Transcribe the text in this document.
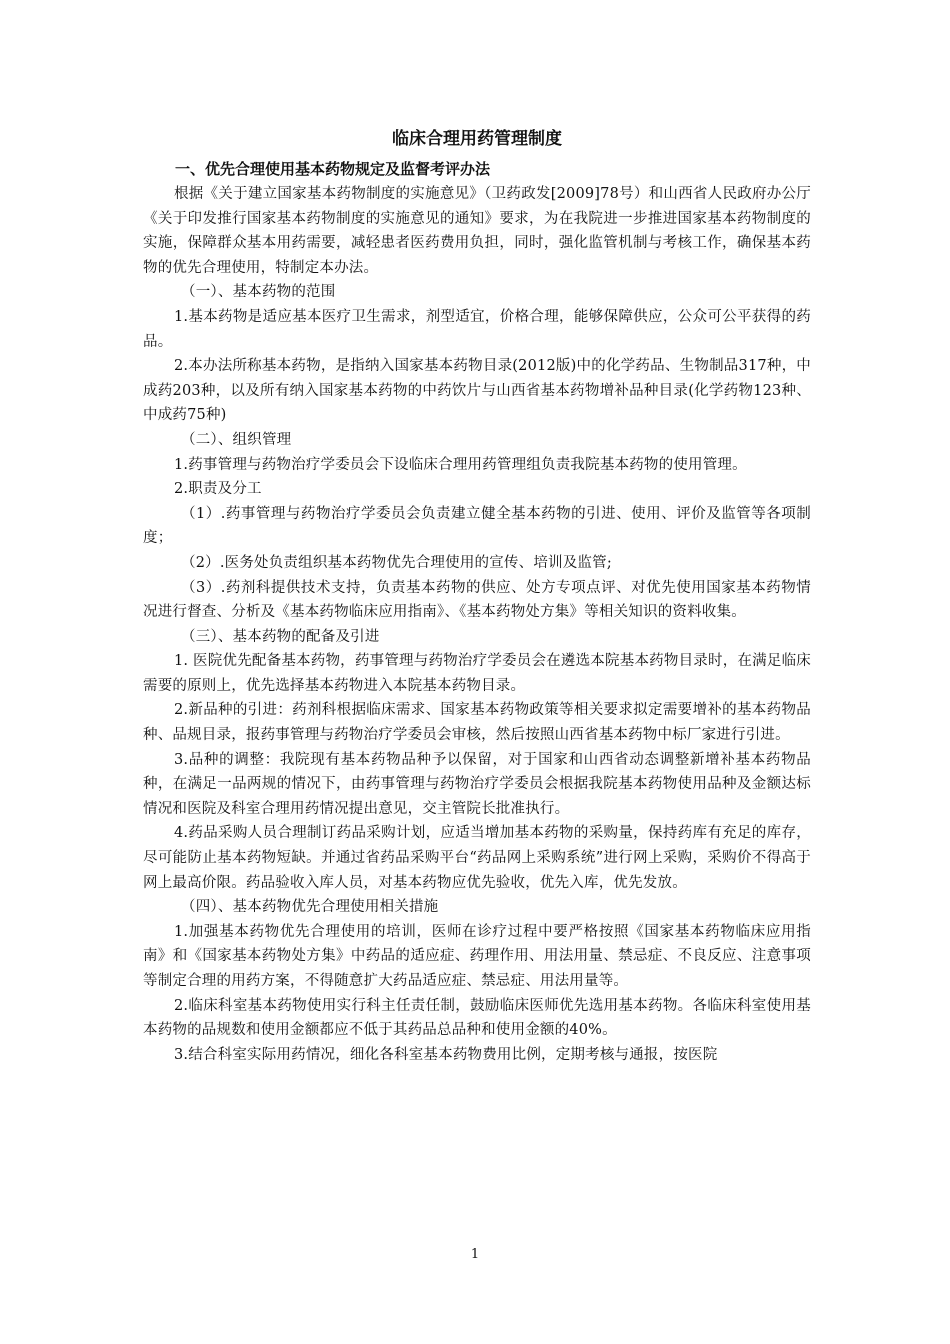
临床合理用药管理制度

一、优先合理使用基本药物规定及监督考评办法

根据《关于建立国家基本药物制度的实施意见》（卫药政发[2009]78号）和山西省人民政府办公厅《关于印发推行国家基本药物制度的实施意见的通知》要求，为在我院进一步推进国家基本药物制度的实施，保障群众基本用药需要，减轻患者医药费用负担，同时，强化监管机制与考核工作，确保基本药物的优先合理使用，特制定本办法。

（一）、基本药物的范围

1.基本药物是适应基本医疗卫生需求，剂型适宜，价格合理，能够保障供应，公众可公平获得的药品。

2.本办法所称基本药物，是指纳入国家基本药物目录(2012版)中的化学药品、生物制品317种，中成药203种，以及所有纳入国家基本药物的中药饮片与山西省基本药物增补品种目录(化学药物123种、中成药75种)

（二）、组织管理

1.药事管理与药物治疗学委员会下设临床合理用药管理组负责我院基本药物的使用管理。

2.职责及分工

（1）.药事管理与药物治疗学委员会负责建立健全基本药物的引进、使用、评价及监管等各项制度；

（2）.医务处负责组织基本药物优先合理使用的宣传、培训及监管;

（3）.药剂科提供技术支持，负责基本药物的供应、处方专项点评、对优先使用国家基本药物情况进行督查、分析及《基本药物临床应用指南》、《基本药物处方集》等相关知识的资料收集。

（三）、基本药物的配备及引进

1. 医院优先配备基本药物，药事管理与药物治疗学委员会在遴选本院基本药物目录时，在满足临床需要的原则上，优先选择基本药物进入本院基本药物目录。

2.新品种的引进：药剂科根据临床需求、国家基本药物政策等相关要求拟定需要增补的基本药物品种、品规目录，报药事管理与药物治疗学委员会审核，然后按照山西省基本药物中标厂家进行引进。

3.品种的调整：我院现有基本药物品种予以保留，对于国家和山西省动态调整新增补基本药物品种，在满足一品两规的情况下，由药事管理与药物治疗学委员会根据我院基本药物使用品种及金额达标情况和医院及科室合理用药情况提出意见，交主管院长批准执行。

4.药品采购人员合理制订药品采购计划，应适当增加基本药物的采购量，保持药库有充足的库存，尽可能防止基本药物短缺。并通过省药品采购平台“药品网上采购系统”进行网上采购，采购价不得高于网上最高价限。药品验收入库人员，对基本药物应优先验收，优先入库，优先发放。

（四）、基本药物优先合理使用相关措施

1.加强基本药物优先合理使用的培训，医师在诊疗过程中要严格按照《国家基本药物临床应用指南》和《国家基本药物处方集》中药品的适应症、药理作用、用法用量、禁忌症、不良反应、注意事项等制定合理的用药方案，不得随意扩大药品适应症、禁忌症、用法用量等。

2.临床科室基本药物使用实行科主任责任制，鼓励临床医师优先选用基本药物。各临床科室使用基本药物的品规数和使用金额都应不低于其药品总品种和使用金额的40%。

3.结合科室实际用药情况，细化各科室基本药物费用比例，定期考核与通报，按医院

1
